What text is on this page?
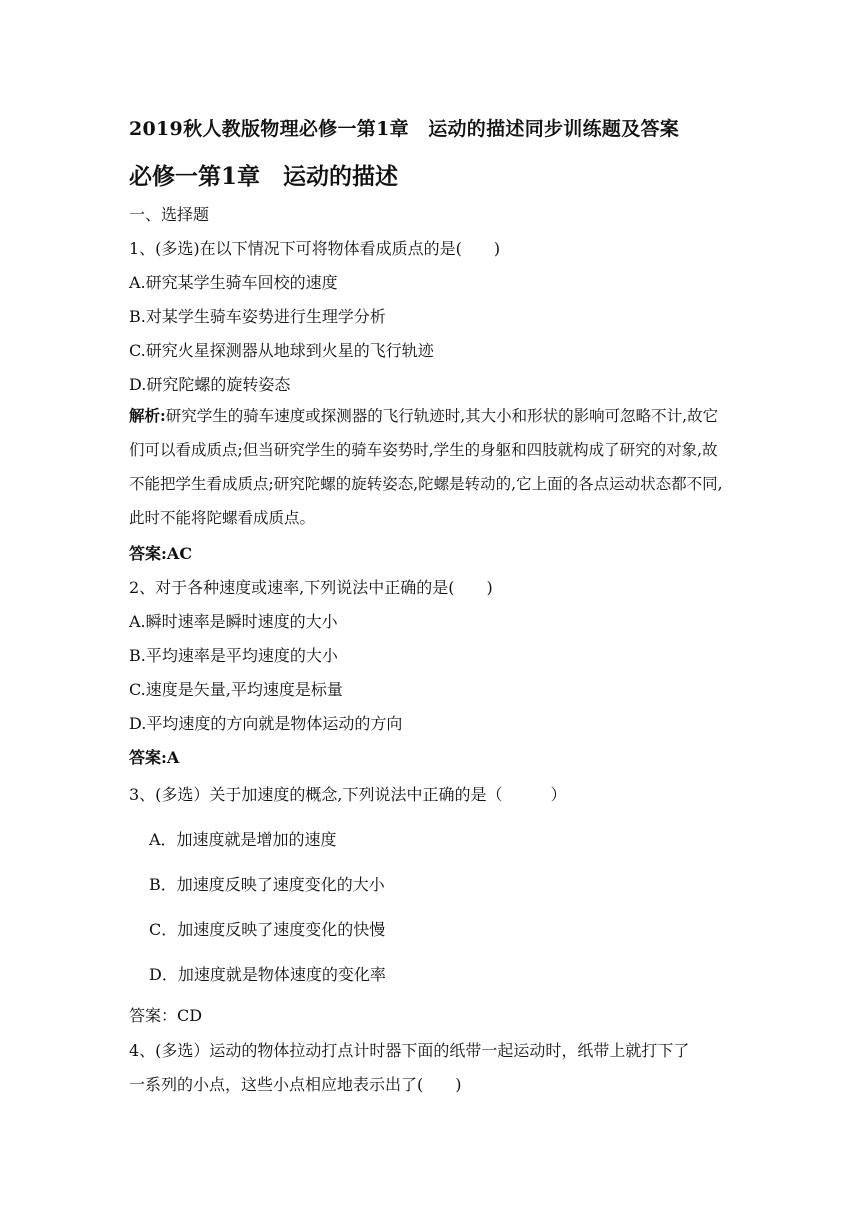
2019秋人教版物理必修一第1章　运动的描述同步训练题及答案
必修一第1章　运动的描述
一、选择题
1、(多选)在以下情况下可将物体看成质点的是(　　)
A.研究某学生骑车回校的速度
B.对某学生骑车姿势进行生理学分析
C.研究火星探测器从地球到火星的飞行轨迹
D.研究陀螺的旋转姿态
解析:研究学生的骑车速度或探测器的飞行轨迹时,其大小和形状的影响可忽略不计,故它们可以看成质点;但当研究学生的骑车姿势时,学生的身躯和四肢就构成了研究的对象,故不能把学生看成质点;研究陀螺的旋转姿态,陀螺是转动的,它上面的各点运动状态都不同,此时不能将陀螺看成质点。
答案:AC
2、对于各种速度或速率,下列说法中正确的是(　　)
A.瞬时速率是瞬时速度的大小
B.平均速率是平均速度的大小
C.速度是矢量,平均速度是标量
D.平均速度的方向就是物体运动的方向
答案:A
3、(多选）关于加速度的概念,下列说法中正确的是（　　　）
A．加速度就是增加的速度
B．加速度反映了速度变化的大小
C．加速度反映了速度变化的快慢
D．加速度就是物体速度的变化率
答案：CD
4、(多选）运动的物体拉动打点计时器下面的纸带一起运动时，纸带上就打下了
一系列的小点，这些小点相应地表示出了(　　)
